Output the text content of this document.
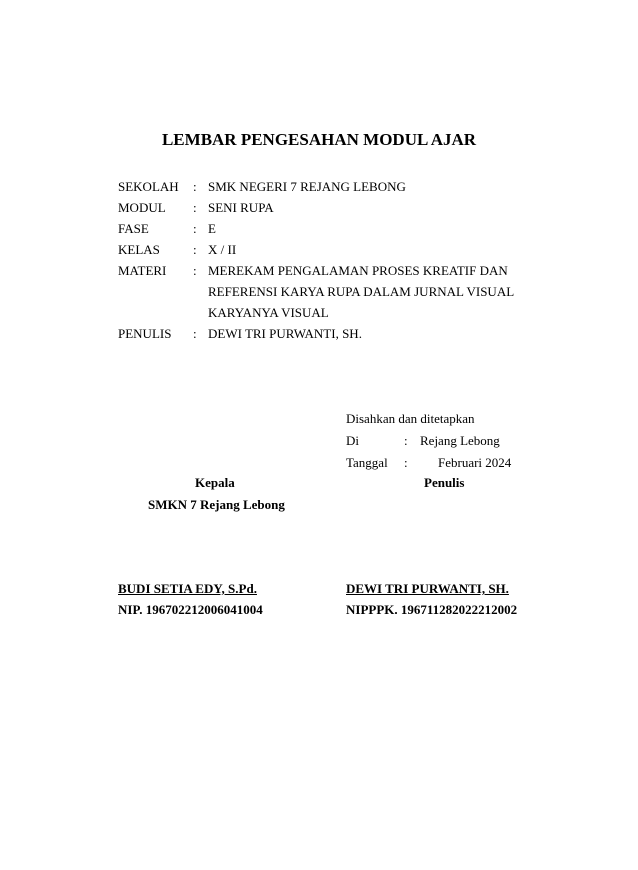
LEMBAR PENGESAHAN MODUL AJAR
SEKOLAH : SMK NEGERI 7 REJANG LEBONG
MODUL : SENI RUPA
FASE	: E
KELAS	: X / II
MATERI : MEREKAM PENGALAMAN PROSES KREATIF DAN
REFERENSI KARYA RUPA DALAM JURNAL VISUAL
KARYANYA VISUAL
PENULIS : DEWI TRI PURWANTI, SH.
Disahkan dan ditetapkan
Di	: Rejang Lebong
Tanggal : Februari 2024
Kepala
SMKN 7 Rejang Lebong
Penulis
BUDI SETIA EDY, S.Pd.
NIP. 196702212006041004
DEWI TRI PURWANTI, SH.
NIPPPK. 196711282022212002
